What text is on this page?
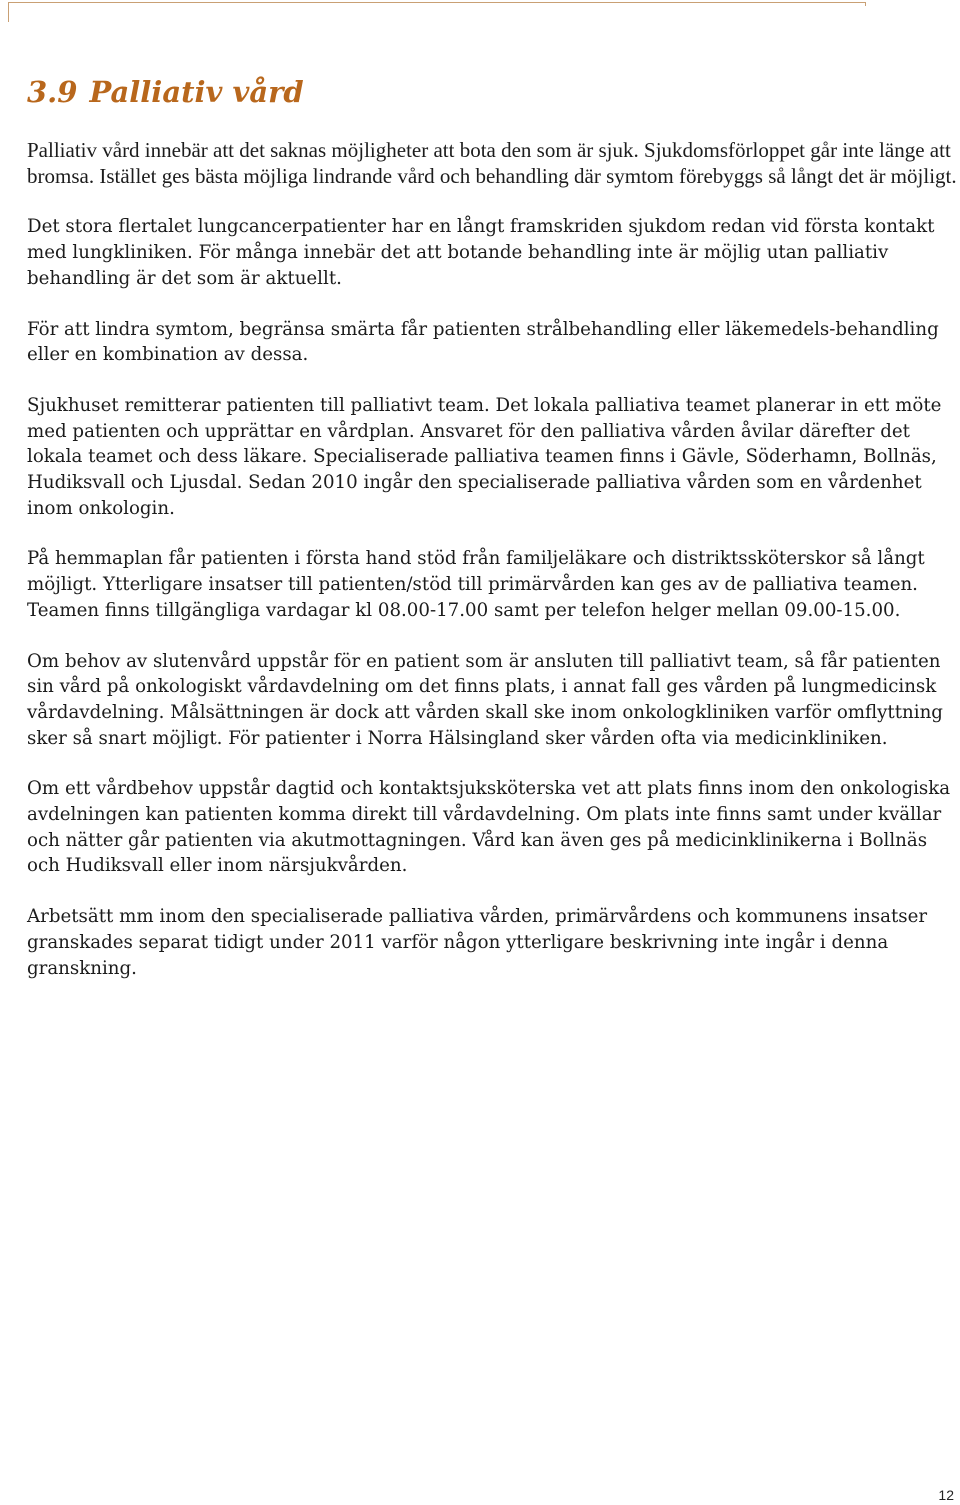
3.9 Palliativ vård

Palliativ vård innebär att det saknas möjligheter att bota den som är sjuk. Sjukdomsförloppet går inte länge att bromsa. Istället ges bästa möjliga lindrande vård och behandling där symtom förebyggs så långt det är möjligt.

Det stora flertalet lungcancerpatienter har en långt framskriden sjukdom redan vid första kontakt med lungkliniken. För många innebär det att botande behandling inte är möjlig utan palliativ behandling är det som är aktuellt.

För att lindra symtom, begränsa smärta får patienten strålbehandling eller läkemedels-behandling eller en kombination av dessa.

Sjukhuset remitterar patienten till palliativt team. Det lokala palliativa teamet planerar in ett möte med patienten och upprättar en vårdplan. Ansvaret för den palliativa vården åvilar därefter det lokala teamet och dess läkare. Specialiserade palliativa teamen finns i Gävle, Söderhamn, Bollnäs, Hudiksvall och Ljusdal. Sedan 2010 ingår den specialiserade palliativa vården som en vårdenhet inom onkologin.

På hemmaplan får patienten i första hand stöd från familjeläkare och distriktssköterskor så långt möjligt. Ytterligare insatser till patienten/stöd till primärvården kan ges av de palliativa teamen. Teamen finns tillgängliga vardagar kl 08.00-17.00 samt per telefon helger mellan 09.00-15.00.

Om behov av slutenvård uppstår för en patient som är ansluten till palliativt team, så får patienten sin vård på onkologiskt vårdavdelning om det finns plats, i annat fall ges vården på lungmedicinsk vårdavdelning. Målsättningen är dock att vården skall ske inom onkologkliniken varför omflyttning sker så snart möjligt. För patienter i Norra Hälsingland sker vården ofta via medicinkliniken.

Om ett vårdbehov uppstår dagtid och kontaktsjuksköterska vet att plats finns inom den onkologiska avdelningen kan patienten komma direkt till vårdavdelning. Om plats inte finns samt under kvällar och nätter går patienten via akutmottagningen. Vård kan även ges på medicinklinikerna i Bollnäs och Hudiksvall eller inom närsjukvården.

Arbetsätt mm inom den specialiserade palliativa vården, primärvårdens och kommunens insatser granskades separat tidigt under 2011 varför någon ytterligare beskrivning inte ingår i denna granskning.

12
